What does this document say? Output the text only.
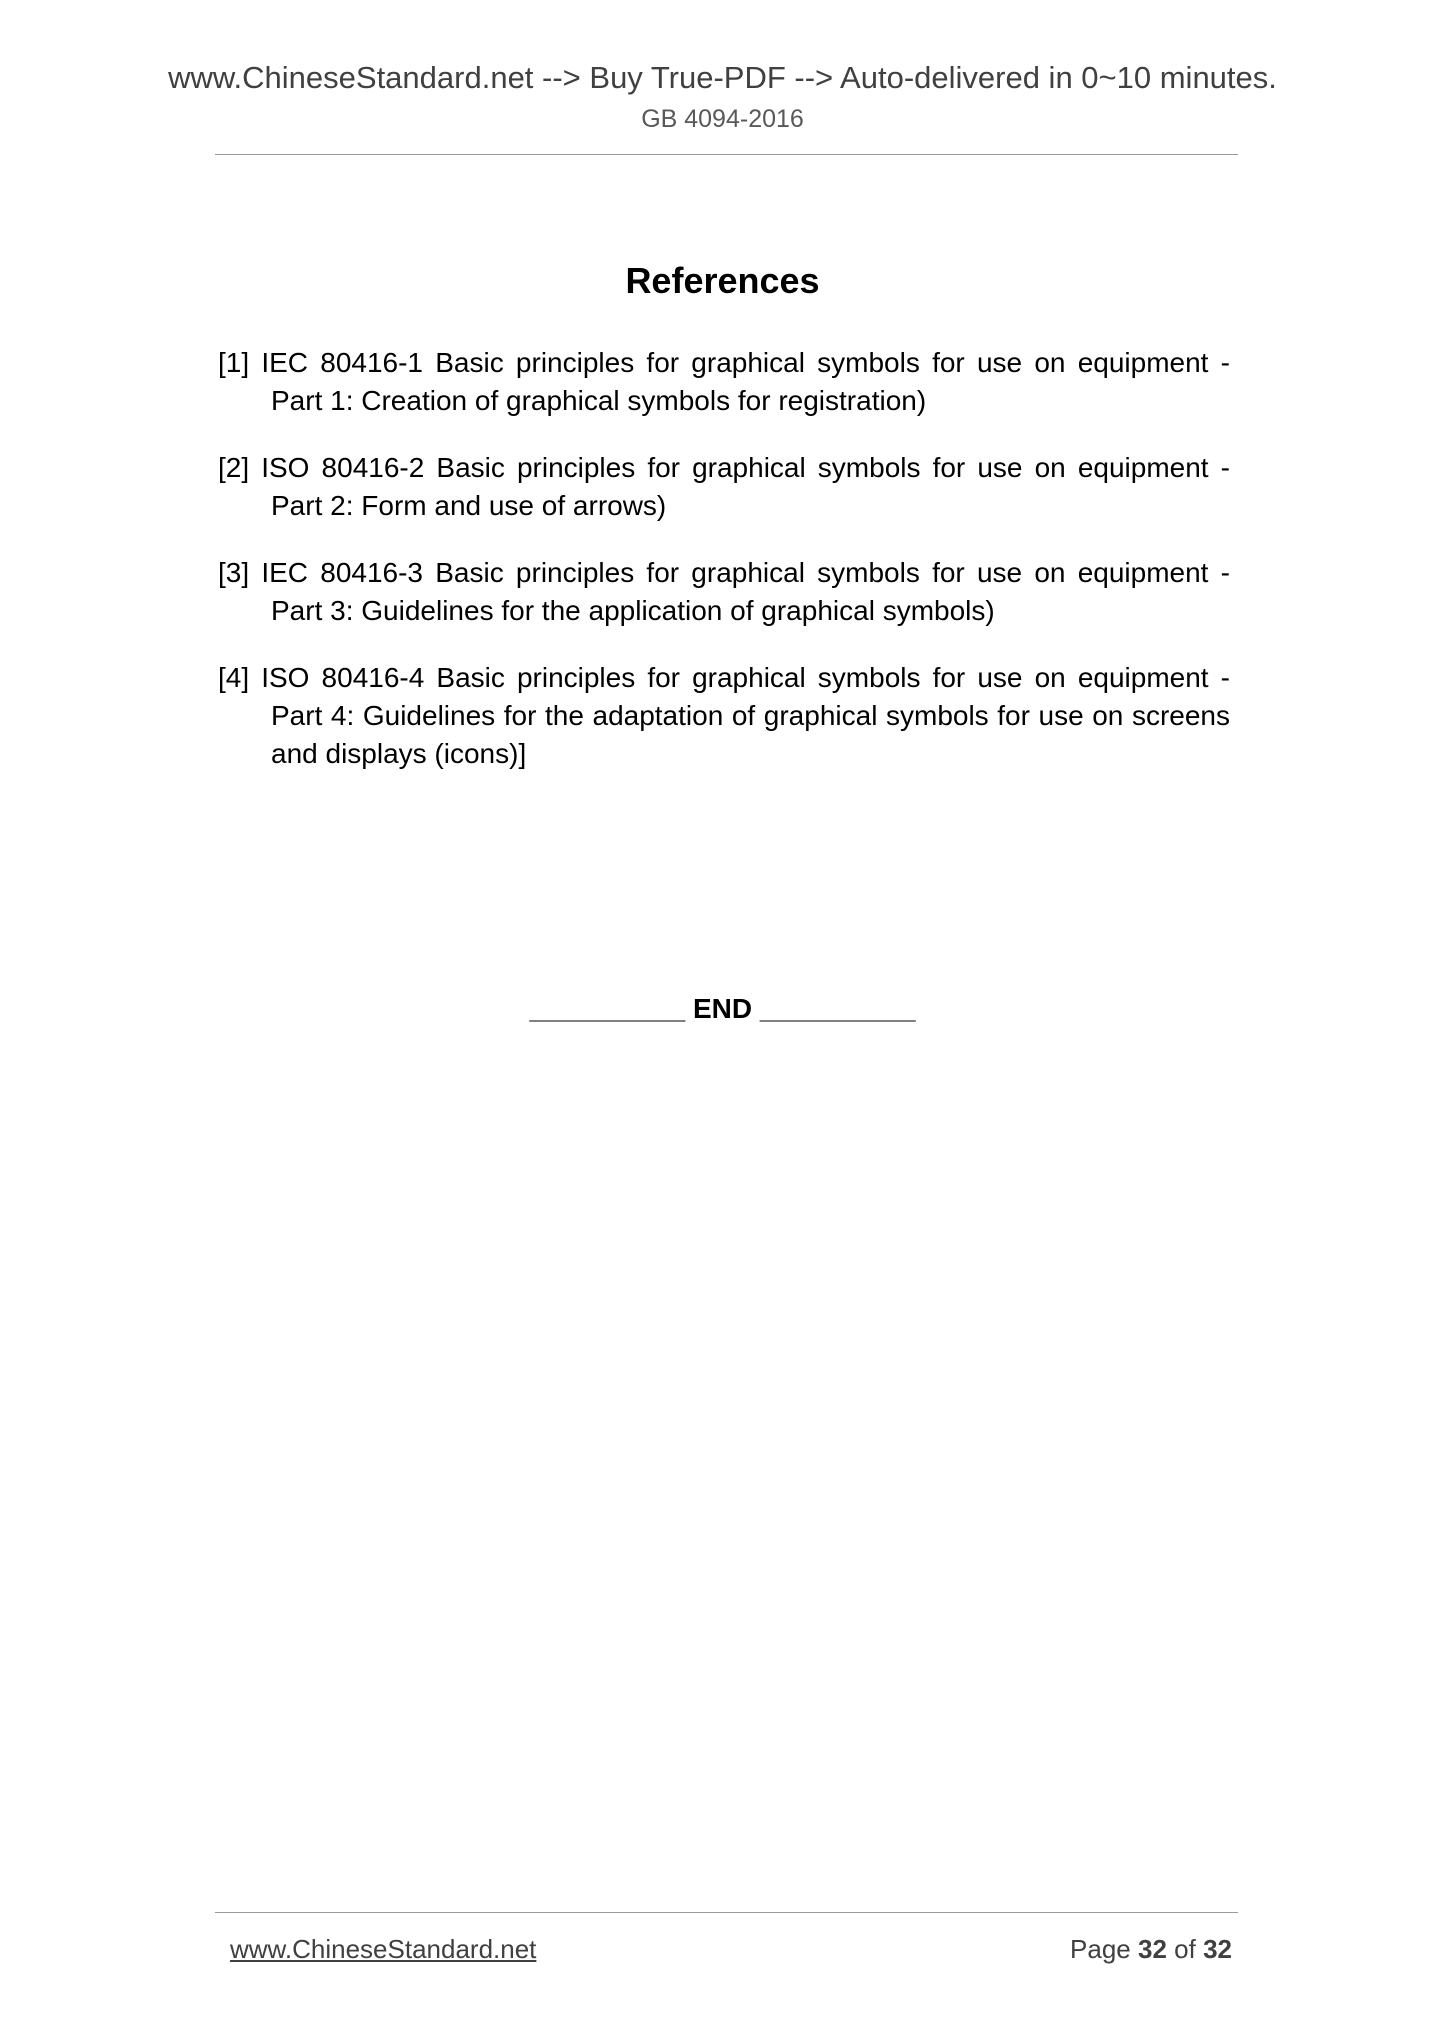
www.ChineseStandard.net --> Buy True-PDF --> Auto-delivered in 0~10 minutes.
GB 4094-2016
References
[1] IEC 80416-1 Basic principles for graphical symbols for use on equipment - Part 1: Creation of graphical symbols for registration)
[2] ISO 80416-2 Basic principles for graphical symbols for use on equipment - Part 2: Form and use of arrows)
[3] IEC 80416-3 Basic principles for graphical symbols for use on equipment - Part 3: Guidelines for the application of graphical symbols)
[4] ISO 80416-4 Basic principles for graphical symbols for use on equipment - Part 4: Guidelines for the adaptation of graphical symbols for use on screens and displays (icons)]
__________ END __________
www.ChineseStandard.net	Page 32 of 32
